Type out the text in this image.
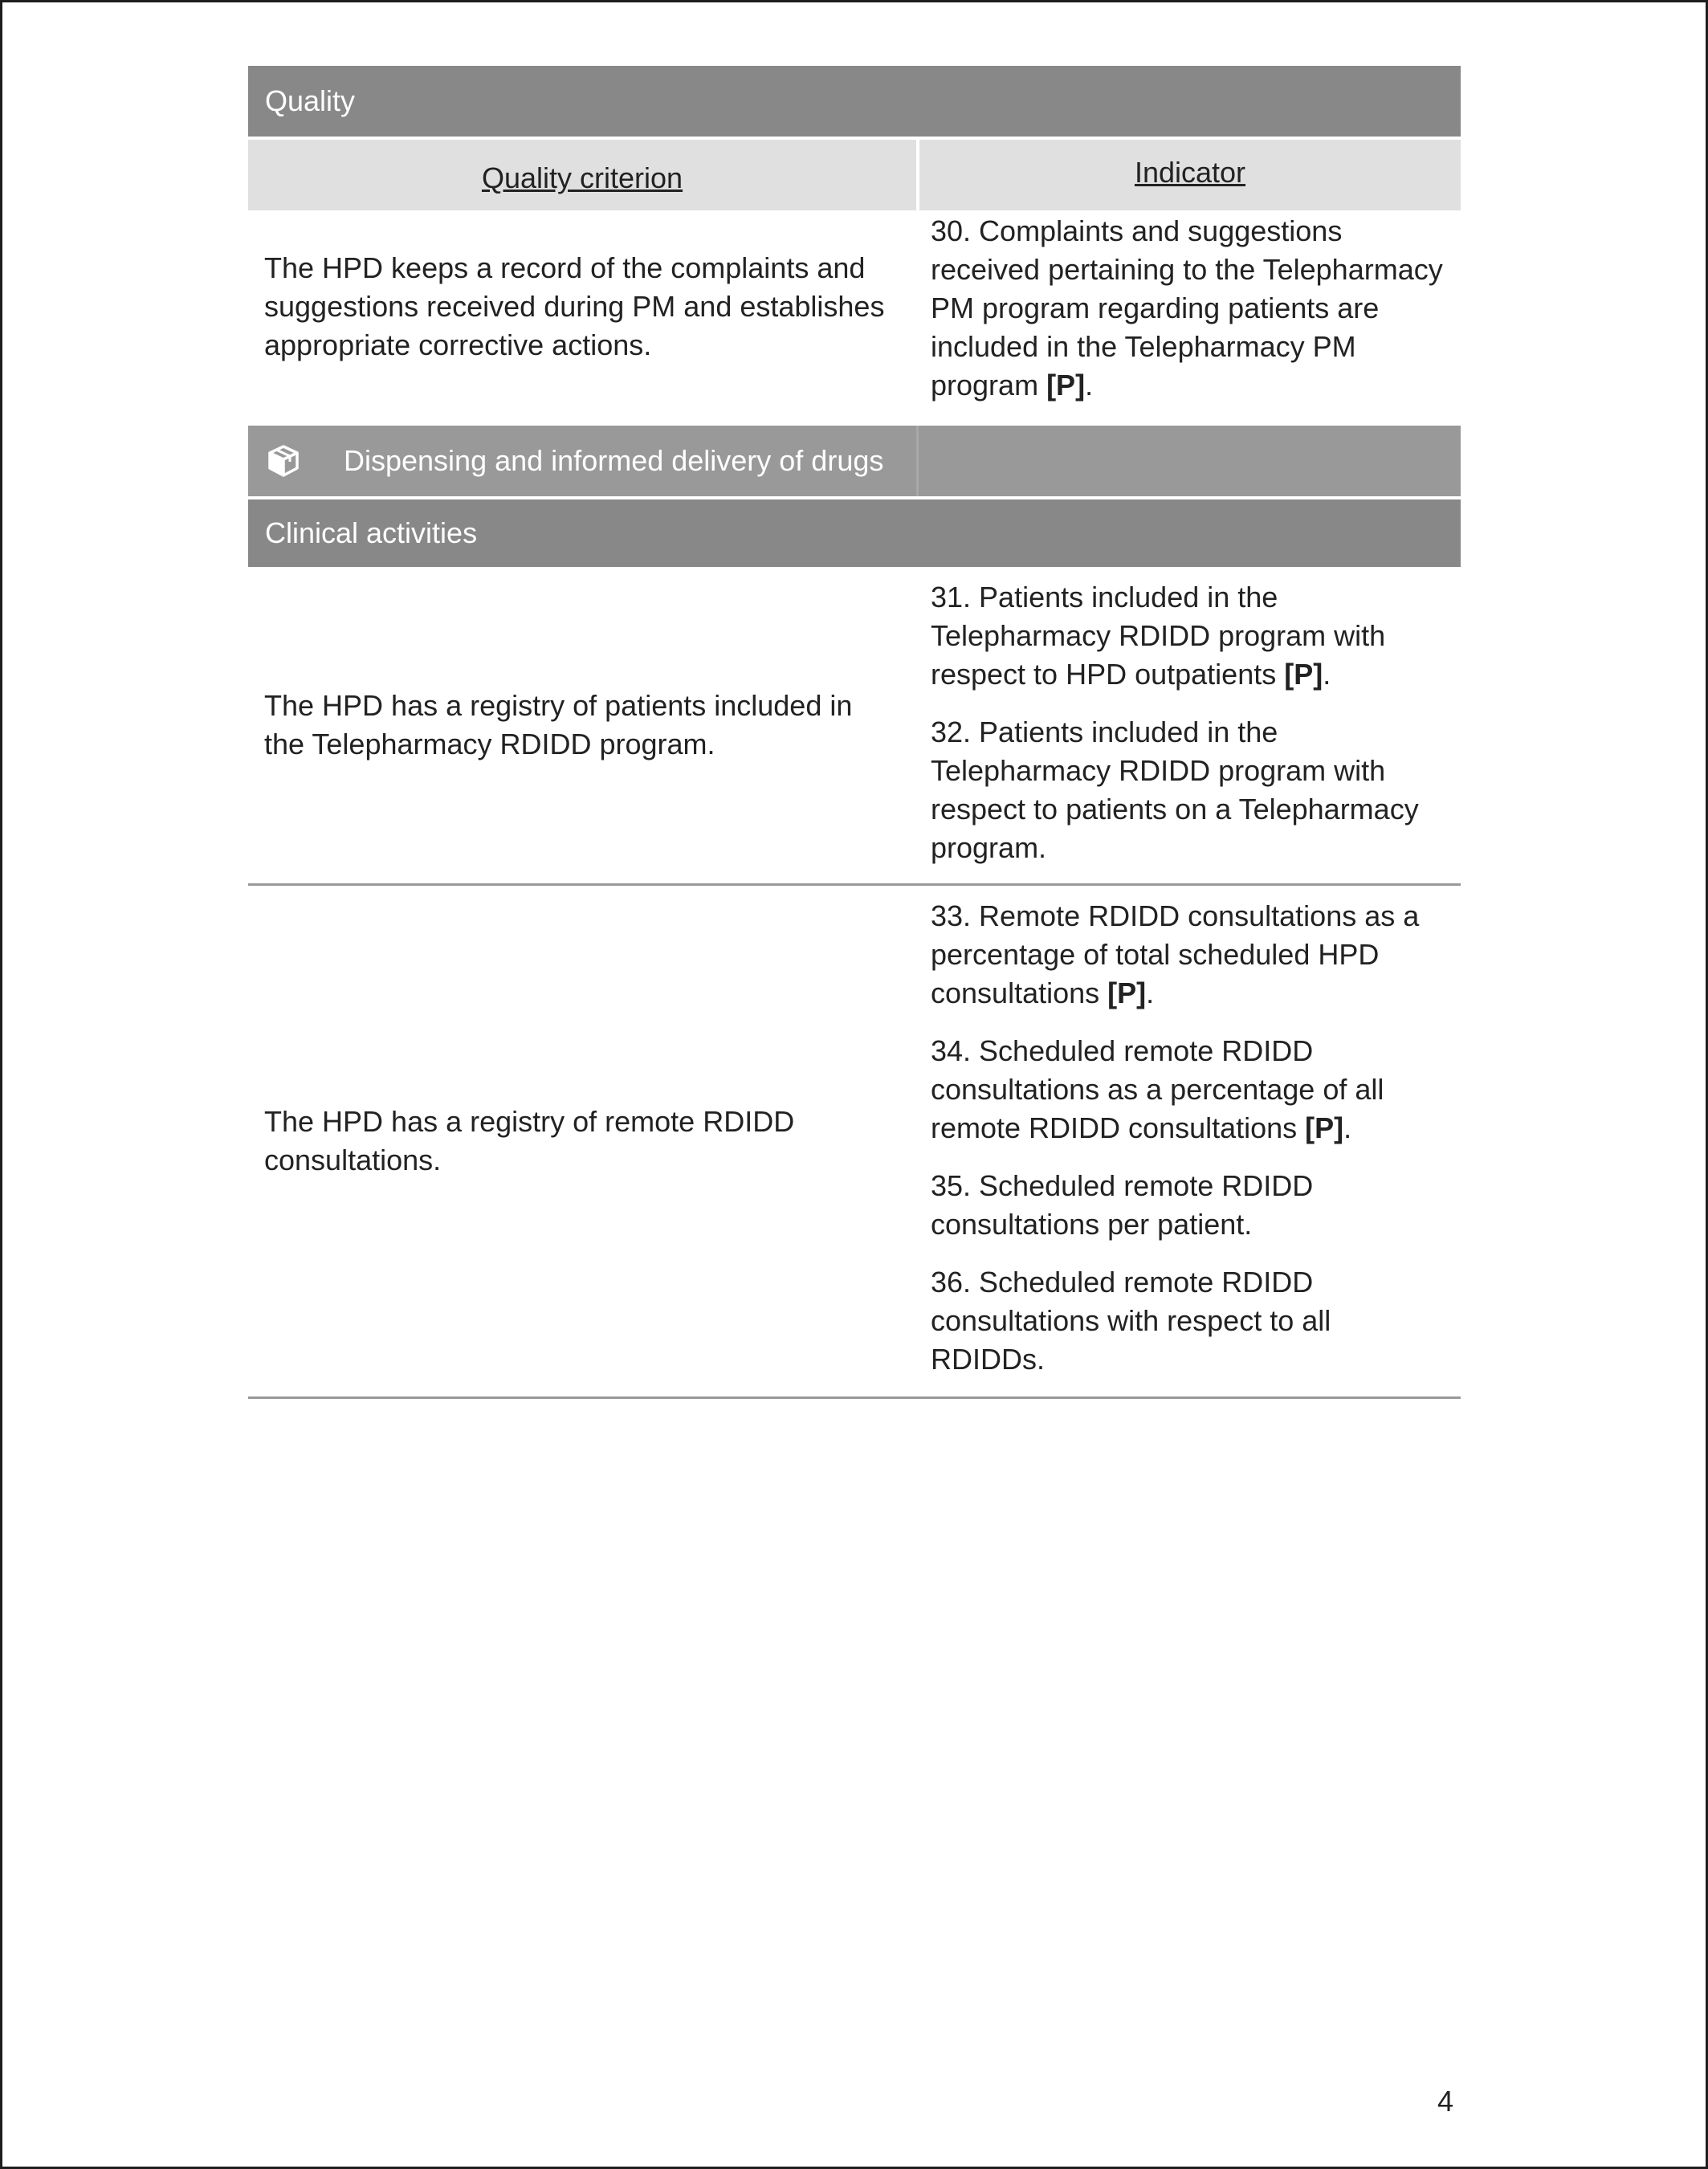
Quality
Quality criterion	Indicator
The HPD keeps a record of the complaints and suggestions received during PM and establishes appropriate corrective actions.

30. Complaints and suggestions received pertaining to the Telepharmacy PM program regarding patients are included in the Telepharmacy PM program [P].

Dispensing and informed delivery of drugs
Clinical activities
The HPD has a registry of patients included in the Telepharmacy RDIDD program.

31. Patients included in the Telepharmacy RDIDD program with respect to HPD outpatients [P].

32. Patients included in the Telepharmacy RDIDD program with respect to patients on a Telepharmacy program.

The HPD has a registry of remote RDIDD consultations.

33. Remote RDIDD consultations as a percentage of total scheduled HPD consultations [P].

34. Scheduled remote RDIDD consultations as a percentage of all remote RDIDD consultations [P].

35. Scheduled remote RDIDD consultations per patient.

36. Scheduled remote RDIDD consultations with respect to all RDIDDs.

4
